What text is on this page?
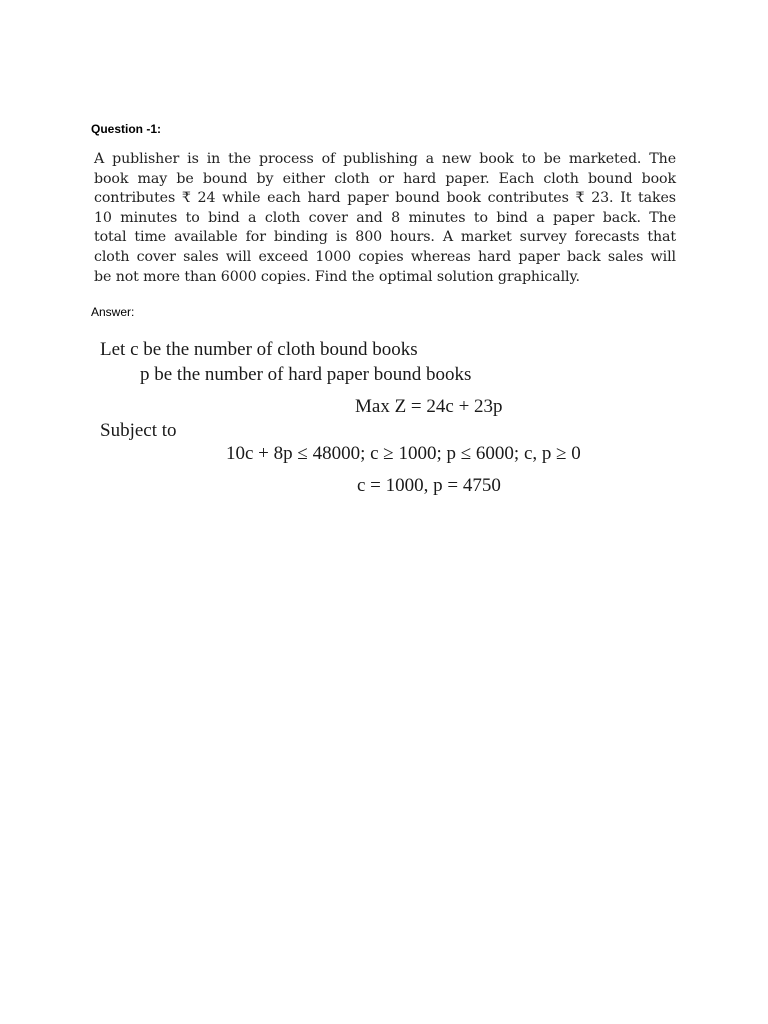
Question -1:
A publisher is in the process of publishing a new book to be marketed. The
book may be bound by either cloth or hard paper. Each cloth bound book
contributes ₹ 24 while each hard paper bound book contributes ₹ 23. It takes
10 minutes to bind a cloth cover and 8 minutes to bind a paper back. The
total time available for binding is 800 hours. A market survey forecasts that
cloth cover sales will exceed 1000 copies whereas hard paper back sales will
be not more than 6000 copies. Find the optimal solution graphically.
Answer:
Let c be the number of cloth bound books
p be the number of hard paper bound books
Max Z = 24c + 23p
Subject to
10c + 8p ≤ 48000; c ≥ 1000; p ≤ 6000; c, p ≥ 0
c = 1000, p = 4750
